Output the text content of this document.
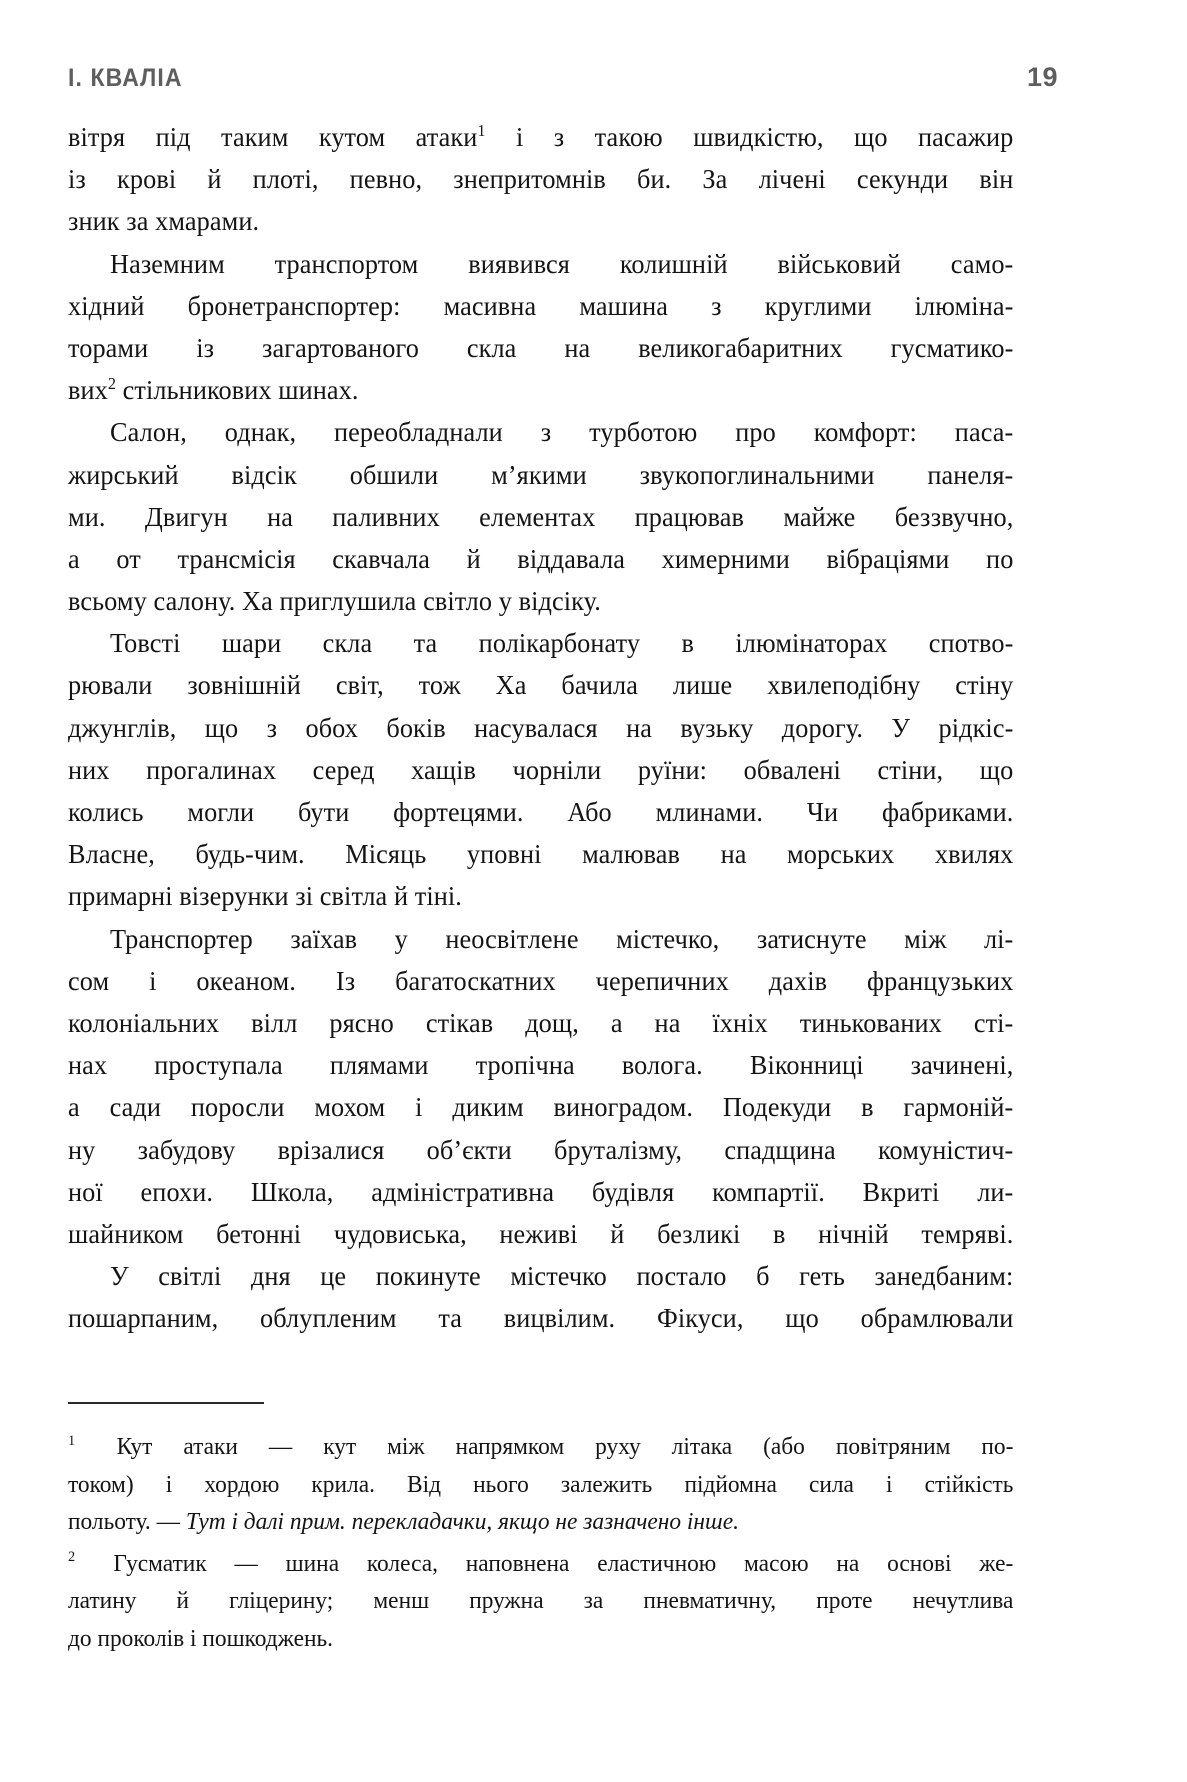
I. КВАЛІА	19
вітря під таким кутом атаки$^1$ і з такою швидкістю, що пасажир
із крові й плоті, певно, знепритомнів би. За лічені секунди він
зник за хмарами.
Наземним транспортом виявився колишній військовий само-
хідний бронетранспортер: масивна машина з круглими ілюміна-
торами із загартованого скла на великогабаритних гусматико-
вих$^2$ стільникових шинах.
Салон, однак, переобладнали з турботою про комфорт: паса-
жирський відсік обшили м’якими звукопоглинальними панеля-
ми. Двигун на паливних елементах працював майже беззвучно,
а от трансмісія скавчала й віддавала химерними вібраціями по
всьому салону. Ха приглушила світло у відсіку.
Товсті шари скла та полікарбонату в ілюмінаторах спотво-
рювали зовнішній світ, тож Ха бачила лише хвилеподібну стіну
джунглів, що з обох боків насувалася на вузьку дорогу. У рідкіс-
них прогалинах серед хащів чорніли руїни: обвалені стіни, що
колись могли бути фортецями. Або млинами. Чи фабриками.
Власне, будь-чим. Місяць уповні малював на морських хвилях
примарні візерунки зі світла й тіні.
Транспортер заїхав у неосвітлене містечко, затиснуте між лі-
сом і океаном. Із багатоскатних черепичних дахів французьких
колоніальних вілл рясно стікав дощ, а на їхніх тинькованих сті-
нах проступала плямами тропічна волога. Віконниці зачинені,
а сади поросли мохом і диким виноградом. Подекуди в гармоній-
ну забудову врізалися об’єкти бруталізму, спадщина комуністич-
ної епохи. Школа, адміністративна будівля компартії. Вкриті ли-
шайником бетонні чудовиська, неживі й безликі в нічній темряві.
У світлі дня це покинуте містечко постало б геть занедбаним:
пошарпаним, облупленим та вицвілим. Фікуси, що обрамлювали
$^1$	Кут атаки — кут між напрямком руху літака (або повітряним по-
током) і хордою крила. Від нього залежить підйомна сила і стійкість
польоту. — Тут і далі прим. перекладачки, якщо не зазначено інше.
$^2$	Гусматик — шина колеса, наповнена еластичною масою на основі же-
латину й гліцерину; менш пружна за пневматичну, проте нечутлива
до проколів і пошкоджень.
